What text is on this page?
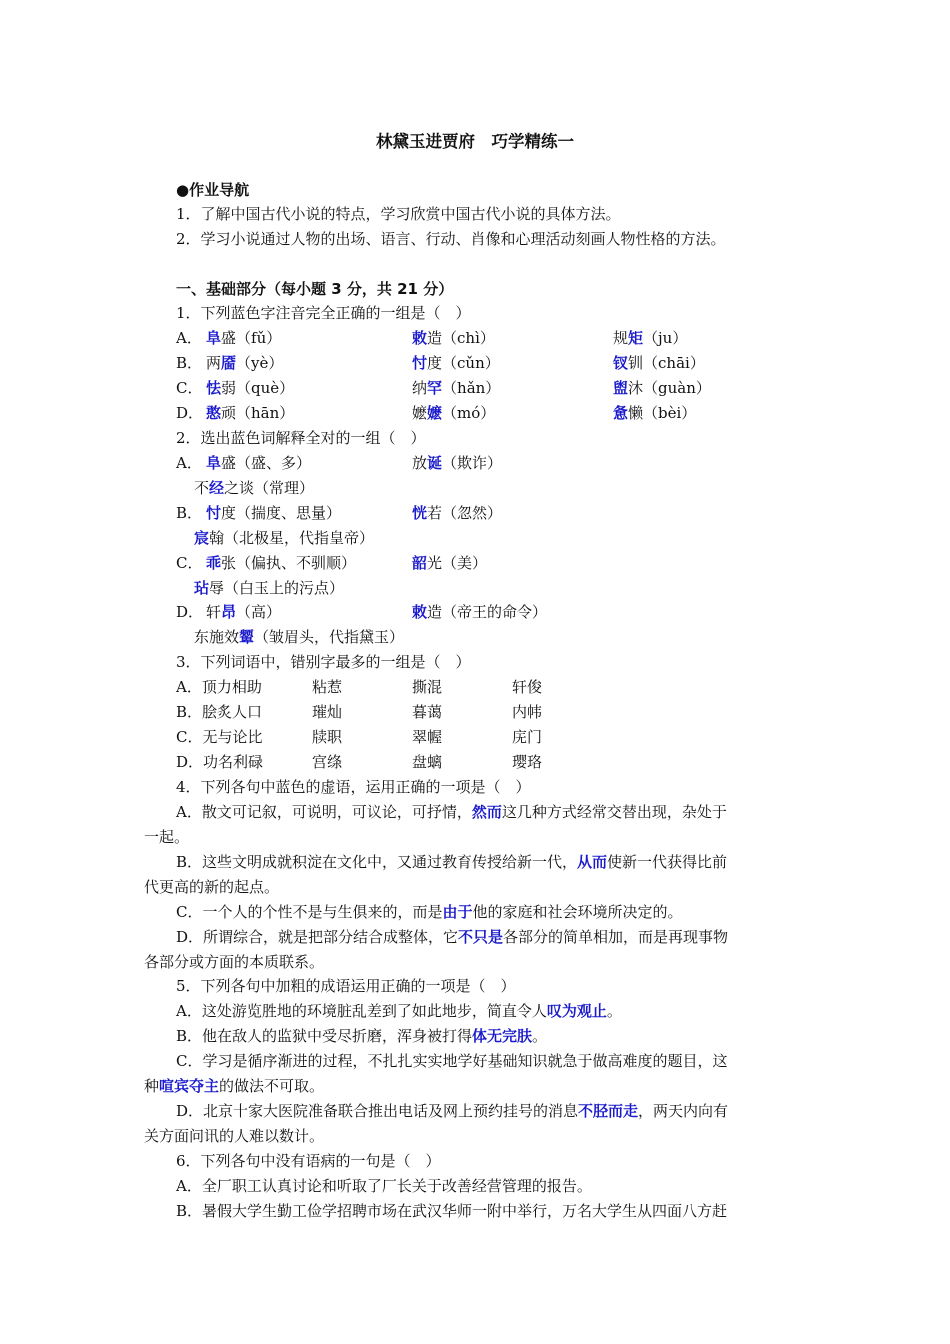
林黛玉进贾府　巧学精练一
●作业导航
1．了解中国古代小说的特点，学习欣赏中国古代小说的具体方法。
2．学习小说通过人物的出场、语言、行动、肖像和心理活动刻画人物性格的方法。
一、基础部分（每小题 3 分，共 21 分）
1．下列蓝色字注音完全正确的一组是（　）
A． 阜盛（fǔ）	敕造（chì）	规矩（ju）
B． 两靥（yè）	忖度（cǔn）	钗钏（chāi）
C． 怯弱（què）	纳罕（hǎn）	盥沐（guàn）
D． 憨顽（hān）	嬷嬷（mó）	惫懒（bèi）
2．选出蓝色词解释全对的一组（　）
A． 阜盛（盛、多）	放诞（欺诈）
不经之谈（常理）
B． 忖度（揣度、思量）	恍若（忽然）
宸翰（北极星，代指皇帝）
C． 乖张（偏执、不驯顺）	韶光（美）
玷辱（白玉上的污点）
D． 轩昂（高）	敕造（帝王的命令）
东施效颦（皱眉头，代指黛玉）
3．下列词语中，错别字最多的一组是（　）
A．顶力相助	粘惹	撕混	轩俊
B．脍炙人口	璀灿	暮蔼	内帏
C．无与论比	牍职	翠幄	庑门
D．功名利碌	宫绦	盘螭	璎珞
4．下列各句中蓝色的虚语，运用正确的一项是（　）
A．散文可记叙，可说明，可议论，可抒情，然而这几种方式经常交替出现，杂处于
一起。
B．这些文明成就积淀在文化中，又通过教育传授给新一代，从而使新一代获得比前
代更高的新的起点。
C．一个人的个性不是与生俱来的，而是由于他的家庭和社会环境所决定的。
D．所谓综合，就是把部分结合成整体，它不只是各部分的简单相加，而是再现事物
各部分或方面的本质联系。
5．下列各句中加粗的成语运用正确的一项是（　）
A．这处游览胜地的环境脏乱差到了如此地步，简直令人叹为观止。
B．他在敌人的监狱中受尽折磨，浑身被打得体无完肤。
C．学习是循序渐进的过程，不扎扎实实地学好基础知识就急于做高难度的题目，这
种喧宾夺主的做法不可取。
D．北京十家大医院准备联合推出电话及网上预约挂号的消息不胫而走，两天内向有
关方面问讯的人难以数计。
6．下列各句中没有语病的一句是（　）
A．全厂职工认真讨论和听取了厂长关于改善经营管理的报告。
B．暑假大学生勤工俭学招聘市场在武汉华师一附中举行，万名大学生从四面八方赶
